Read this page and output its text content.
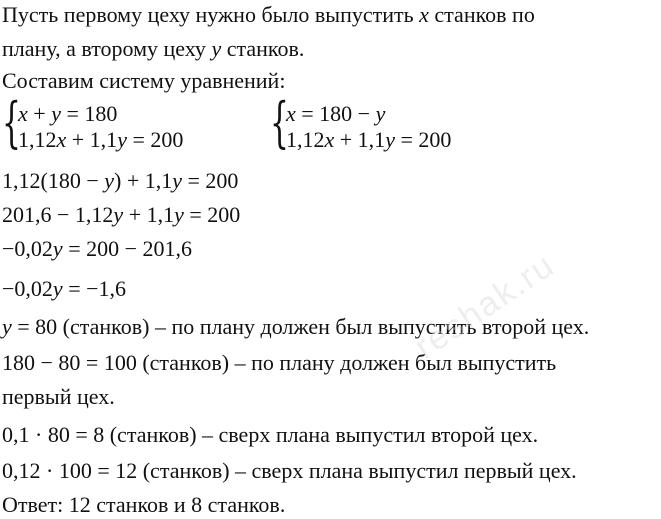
Пусть первому цеху нужно было выпустить x станков по
плану, а второму цеху y станков.
Составим систему уравнений:
{
x + y = 180
1,12x + 1,1y = 200 {
x = 180 − y
1,12x + 1,1y = 200
1,12(180 − y) + 1,1y = 200
201,6 − 1,12y + 1,1y = 200
−0,02y = 200 − 201,6
−0,02y = −1,6
y = 80 (станков) – по плану должен был выпустить второй цех.
180 − 80 = 100 (станков) – по плану должен был выпустить
первый цех.
0,1 · 80 = 8 (станков) – сверх плана выпустил второй цех.
0,12 · 100 = 12 (станков) – сверх плана выпустил первый цех.
Ответ: 12 станков и 8 станков.
reshak.ru
